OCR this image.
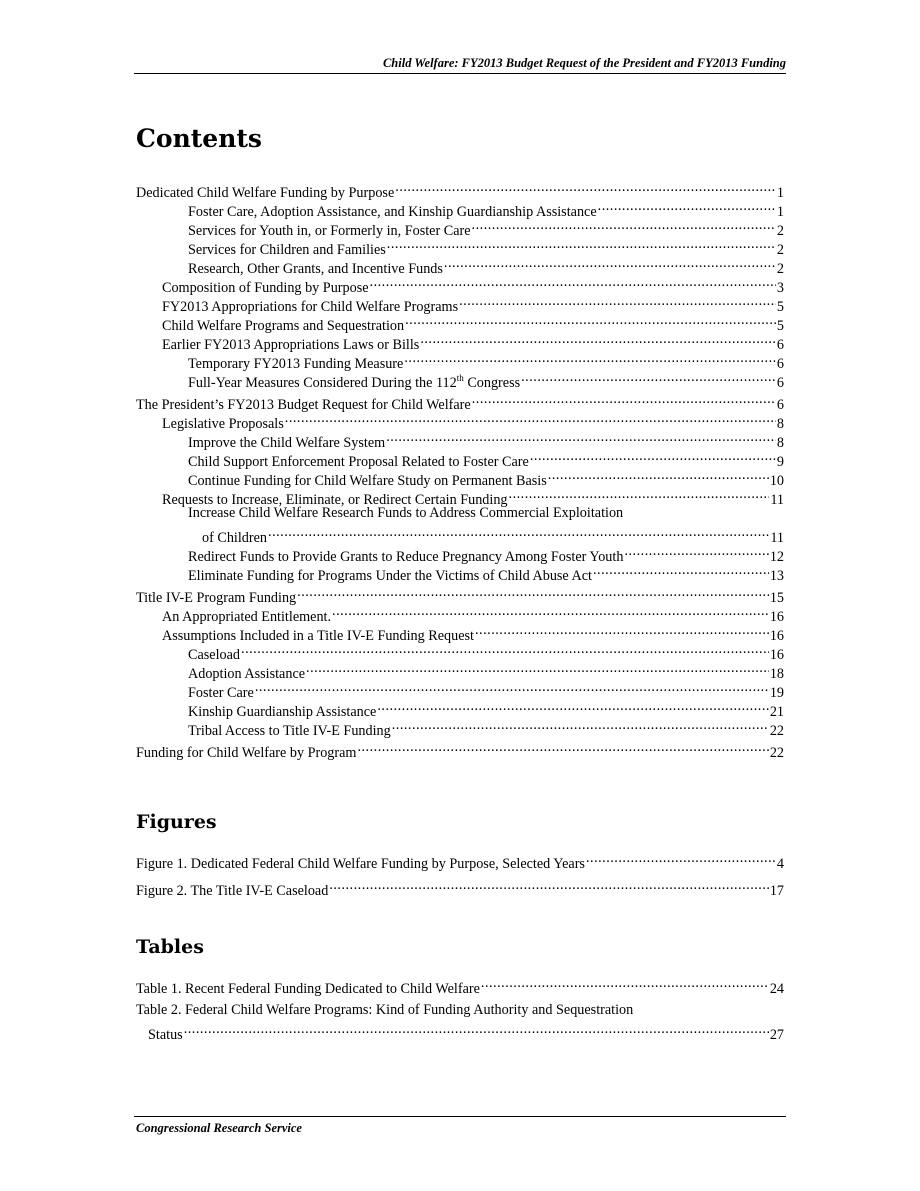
Child Welfare: FY2013 Budget Request of the President and FY2013 Funding
Contents
Dedicated Child Welfare Funding by Purpose .....	1
Foster Care, Adoption Assistance, and Kinship Guardianship Assistance .....	1
Services for Youth in, or Formerly in, Foster Care .....	2
Services for Children and Families .....	2
Research, Other Grants, and Incentive Funds .....	2
Composition of Funding by Purpose .....	3
FY2013 Appropriations for Child Welfare Programs .....	5
Child Welfare Programs and Sequestration .....	5
Earlier FY2013 Appropriations Laws or Bills .....	6
Temporary FY2013 Funding Measure .....	6
Full-Year Measures Considered During the 112th Congress .....	6
The President’s FY2013 Budget Request for Child Welfare .....	6
Legislative Proposals .....	8
Improve the Child Welfare System .....	8
Child Support Enforcement Proposal Related to Foster Care .....	9
Continue Funding for Child Welfare Study on Permanent Basis .....	10
Requests to Increase, Eliminate, or Redirect Certain Funding .....	11
Increase Child Welfare Research Funds to Address Commercial Exploitation
of Children .....	11
Redirect Funds to Provide Grants to Reduce Pregnancy Among Foster Youth .....	12
Eliminate Funding for Programs Under the Victims of Child Abuse Act .....	13
Title IV-E Program Funding .....	15
An Appropriated Entitlement. .....	16
Assumptions Included in a Title IV-E Funding Request .....	16
Caseload .....	16
Adoption Assistance .....	18
Foster Care .....	19
Kinship Guardianship Assistance .....	21
Tribal Access to Title IV-E Funding .....	22
Funding for Child Welfare by Program .....	22
Figures
Figure 1. Dedicated Federal Child Welfare Funding by Purpose, Selected Years .....	4
Figure 2. The Title IV-E Caseload .....	17
Tables
Table 1. Recent Federal Funding Dedicated to Child Welfare .....	24
Table 2. Federal Child Welfare Programs: Kind of Funding Authority and Sequestration
Status .....	27
Congressional Research Service
